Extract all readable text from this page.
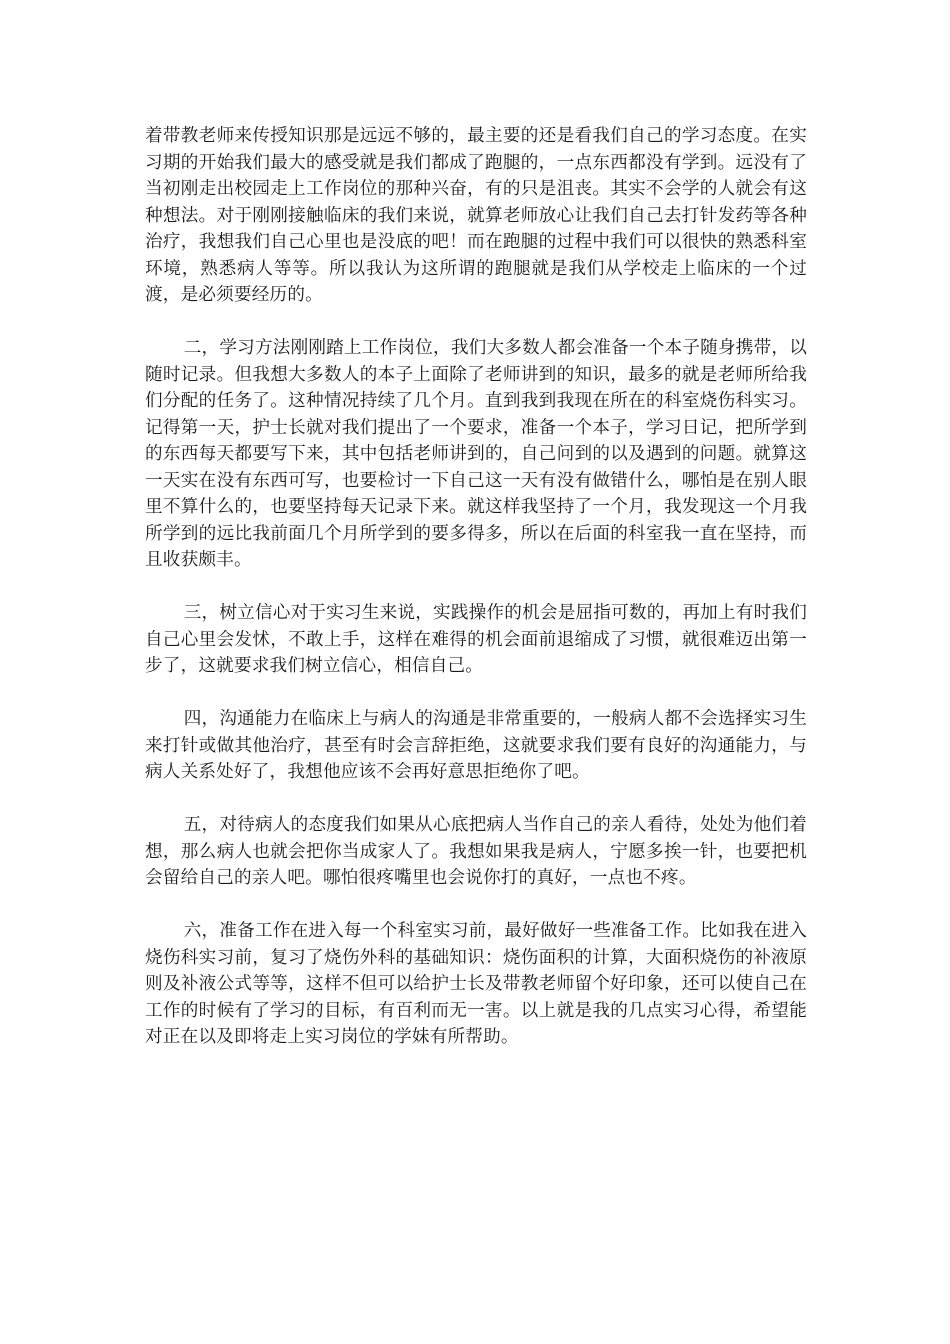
着带教老师来传授知识那是远远不够的，最主要的还是看我们自己的学习态度。在实习期的开始我们最大的感受就是我们都成了跑腿的，一点东西都没有学到。远没有了当初刚走出校园走上工作岗位的那种兴奋，有的只是沮丧。其实不会学的人就会有这种想法。对于刚刚接触临床的我们来说，就算老师放心让我们自己去打针发药等各种治疗，我想我们自己心里也是没底的吧！而在跑腿的过程中我们可以很快的熟悉科室环境，熟悉病人等等。所以我认为这所谓的跑腿就是我们从学校走上临床的一个过渡，是必须要经历的。

二，学习方法刚刚踏上工作岗位，我们大多数人都会准备一个本子随身携带，以随时记录。但我想大多数人的本子上面除了老师讲到的知识，最多的就是老师所给我们分配的任务了。这种情况持续了几个月。直到我到我现在所在的科室烧伤科实习。记得第一天，护士长就对我们提出了一个要求，准备一个本子，学习日记，把所学到的东西每天都要写下来，其中包括老师讲到的，自己问到的以及遇到的问题。就算这一天实在没有东西可写，也要检讨一下自己这一天有没有做错什么，哪怕是在别人眼里不算什么的，也要坚持每天记录下来。就这样我坚持了一个月，我发现这一个月我所学到的远比我前面几个月所学到的要多得多，所以在后面的科室我一直在坚持，而且收获颇丰。

三，树立信心对于实习生来说，实践操作的机会是屈指可数的，再加上有时我们自己心里会发怵，不敢上手，这样在难得的机会面前退缩成了习惯，就很难迈出第一步了，这就要求我们树立信心，相信自己。

四，沟通能力在临床上与病人的沟通是非常重要的，一般病人都不会选择实习生来打针或做其他治疗，甚至有时会言辞拒绝，这就要求我们要有良好的沟通能力，与病人关系处好了，我想他应该不会再好意思拒绝你了吧。

五，对待病人的态度我们如果从心底把病人当作自己的亲人看待，处处为他们着想，那么病人也就会把你当成家人了。我想如果我是病人，宁愿多挨一针，也要把机会留给自己的亲人吧。哪怕很疼嘴里也会说你打的真好，一点也不疼。

六，准备工作在进入每一个科室实习前，最好做好一些准备工作。比如我在进入烧伤科实习前，复习了烧伤外科的基础知识：烧伤面积的计算，大面积烧伤的补液原则及补液公式等等，这样不但可以给护士长及带教老师留个好印象，还可以使自己在工作的时候有了学习的目标，有百利而无一害。以上就是我的几点实习心得，希望能对正在以及即将走上实习岗位的学妹有所帮助。
